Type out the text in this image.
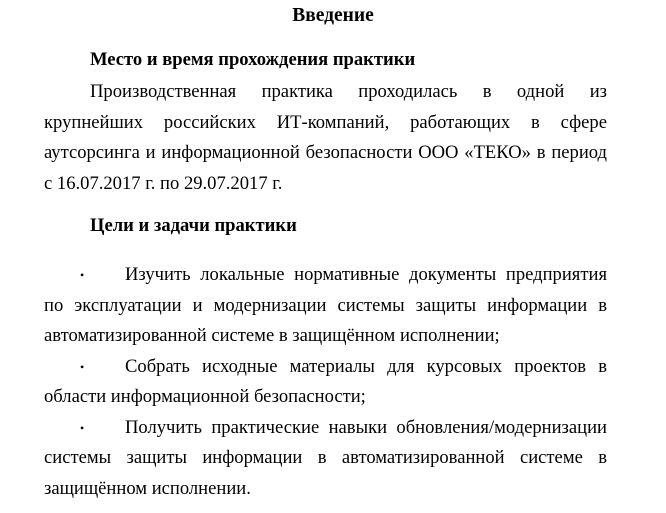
Введение
Место и время прохождения практики

Производственная практика проходилась в одной из крупнейших российских ИТ-компаний, работающих в сфере аутсорсинга и информационной безопасности ООО «ТЕКО» в период с 16.07.2017 г. по 29.07.2017 г.

Цели и задачи практики
• Изучить локальные нормативные документы предприятия по эксплуатации и модернизации системы защиты информации в автоматизированной системе в защищённом исполнении;
• Собрать исходные материалы для курсовых проектов в области информационной безопасности;
• Получить практические навыки обновления/модернизации системы защиты информации в автоматизированной системе в защищённом исполнении.
